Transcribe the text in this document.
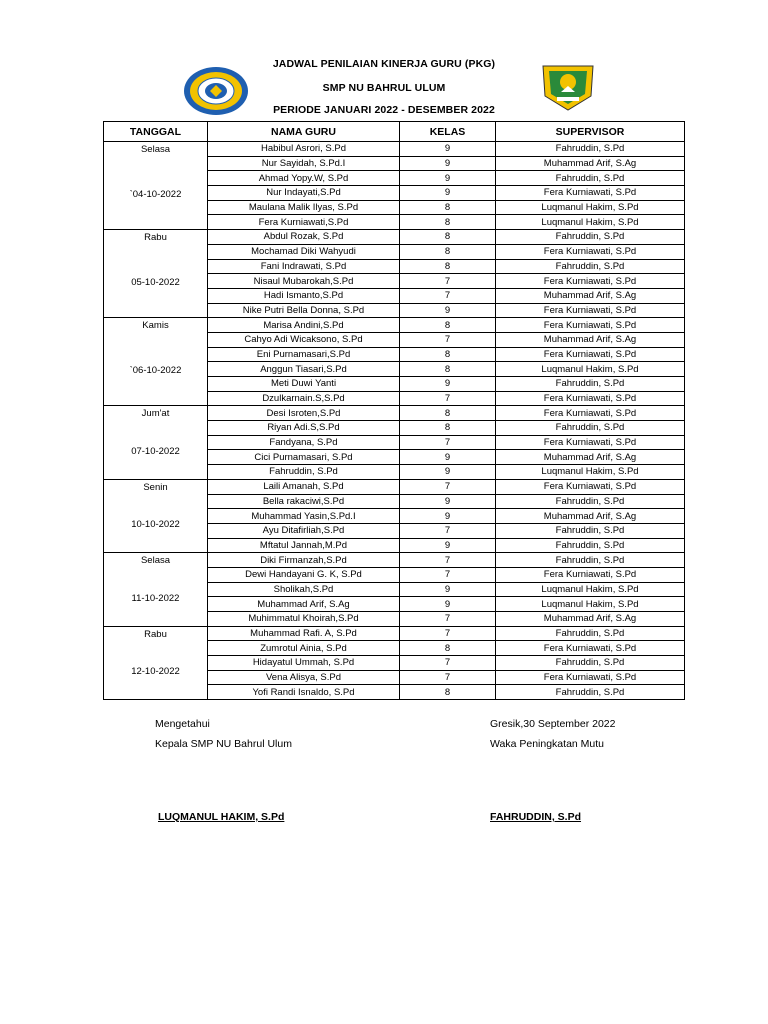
JADWAL PENILAIAN KINERJA GURU (PKG)
SMP NU BAHRUL ULUM
PERIODE JANUARI 2022 - DESEMBER 2022
TANGGAL	NAMA GURU	KELAS	SUPERVISOR

Selasa
`04-10-2022	Habibul Asrori, S.Pd	9	Fahruddin, S.Pd
	Nur Sayidah, S.Pd.I	9	Muhammad Arif, S.Ag
	Ahmad Yopy.W, S.Pd	9	Fahruddin, S.Pd
	Nur Indayati,S.Pd	9	Fera Kurniawati, S.Pd
	Maulana Malik Ilyas, S.Pd	8	Luqmanul Hakim, S.Pd
	Fera Kurniawati,S.Pd	8	Luqmanul Hakim, S.Pd

Rabu
05-10-2022	Abdul Rozak, S.Pd	8	Fahruddin, S.Pd
	Mochamad Diki Wahyudi	8	Fera Kurniawati, S.Pd
	Fani Indrawati, S.Pd	8	Fahruddin, S.Pd
	Nisaul Mubarokah,S.Pd	7	Fera Kurniawati, S.Pd
	Hadi Ismanto,S.Pd	7	Muhammad Arif, S.Ag
	Nike Putri Bella Donna, S.Pd	9	Fera Kurniawati, S.Pd

Kamis
`06-10-2022	Marisa Andini,S.Pd	8	Fera Kurniawati, S.Pd
	Cahyo Adi Wicaksono, S.Pd	7	Muhammad Arif, S.Ag
	Eni Purnamasari,S.Pd	8	Fera Kurniawati, S.Pd
	Anggun Tiasari,S.Pd	8	Luqmanul Hakim, S.Pd
	Meti Duwi Yanti	9	Fahruddin, S.Pd
	Dzulkarnain.S,S.Pd	7	Fera Kurniawati, S.Pd

Jum'at
07-10-2022	Desi Isroten,S.Pd	8	Fera Kurniawati, S.Pd
	Riyan Adi.S,S.Pd	8	Fahruddin, S.Pd
	Fandyana, S.Pd	7	Fera Kurniawati, S.Pd
	Cici Purnamasari, S.Pd	9	Muhammad Arif, S.Ag
	Fahruddin, S.Pd	9	Luqmanul Hakim, S.Pd

Senin
10-10-2022	Laili Amanah, S.Pd	7	Fera Kurniawati, S.Pd
	Bella rakaciwi,S.Pd	9	Fahruddin, S.Pd
	Muhammad Yasin,S.Pd.I	9	Muhammad Arif, S.Ag
	Ayu Ditafirliah,S.Pd	7	Fahruddin, S.Pd
	Mftatul Jannah,M.Pd	9	Fahruddin, S.Pd

Selasa
11-10-2022	Diki Firmanzah,S.Pd	7	Fahruddin, S.Pd
	Dewi Handayani G. K, S.Pd	7	Fera Kurniawati, S.Pd
	Sholikah,S.Pd	9	Luqmanul Hakim, S.Pd
	Muhammad Arif, S.Ag	9	Luqmanul Hakim, S.Pd
	Muhimmatul Khoirah,S.Pd	7	Muhammad Arif, S.Ag

Rabu
12-10-2022	Muhammad Rafi. A, S.Pd	7	Fahruddin, S.Pd
	Zumrotul Ainia, S.Pd	8	Fera Kurniawati, S.Pd
	Hidayatul Ummah, S.Pd	7	Fahruddin, S.Pd
	Vena Alisya, S.Pd	7	Fera Kurniawati, S.Pd
	Yofi Randi Isnaldo, S.Pd	8	Fahruddin, S.Pd
Mengetahui
Kepala SMP NU Bahrul Ulum
LUQMANUL HAKIM, S.Pd
Gresik,30 September 2022
Waka Peningkatan Mutu
FAHRUDDIN, S.Pd
